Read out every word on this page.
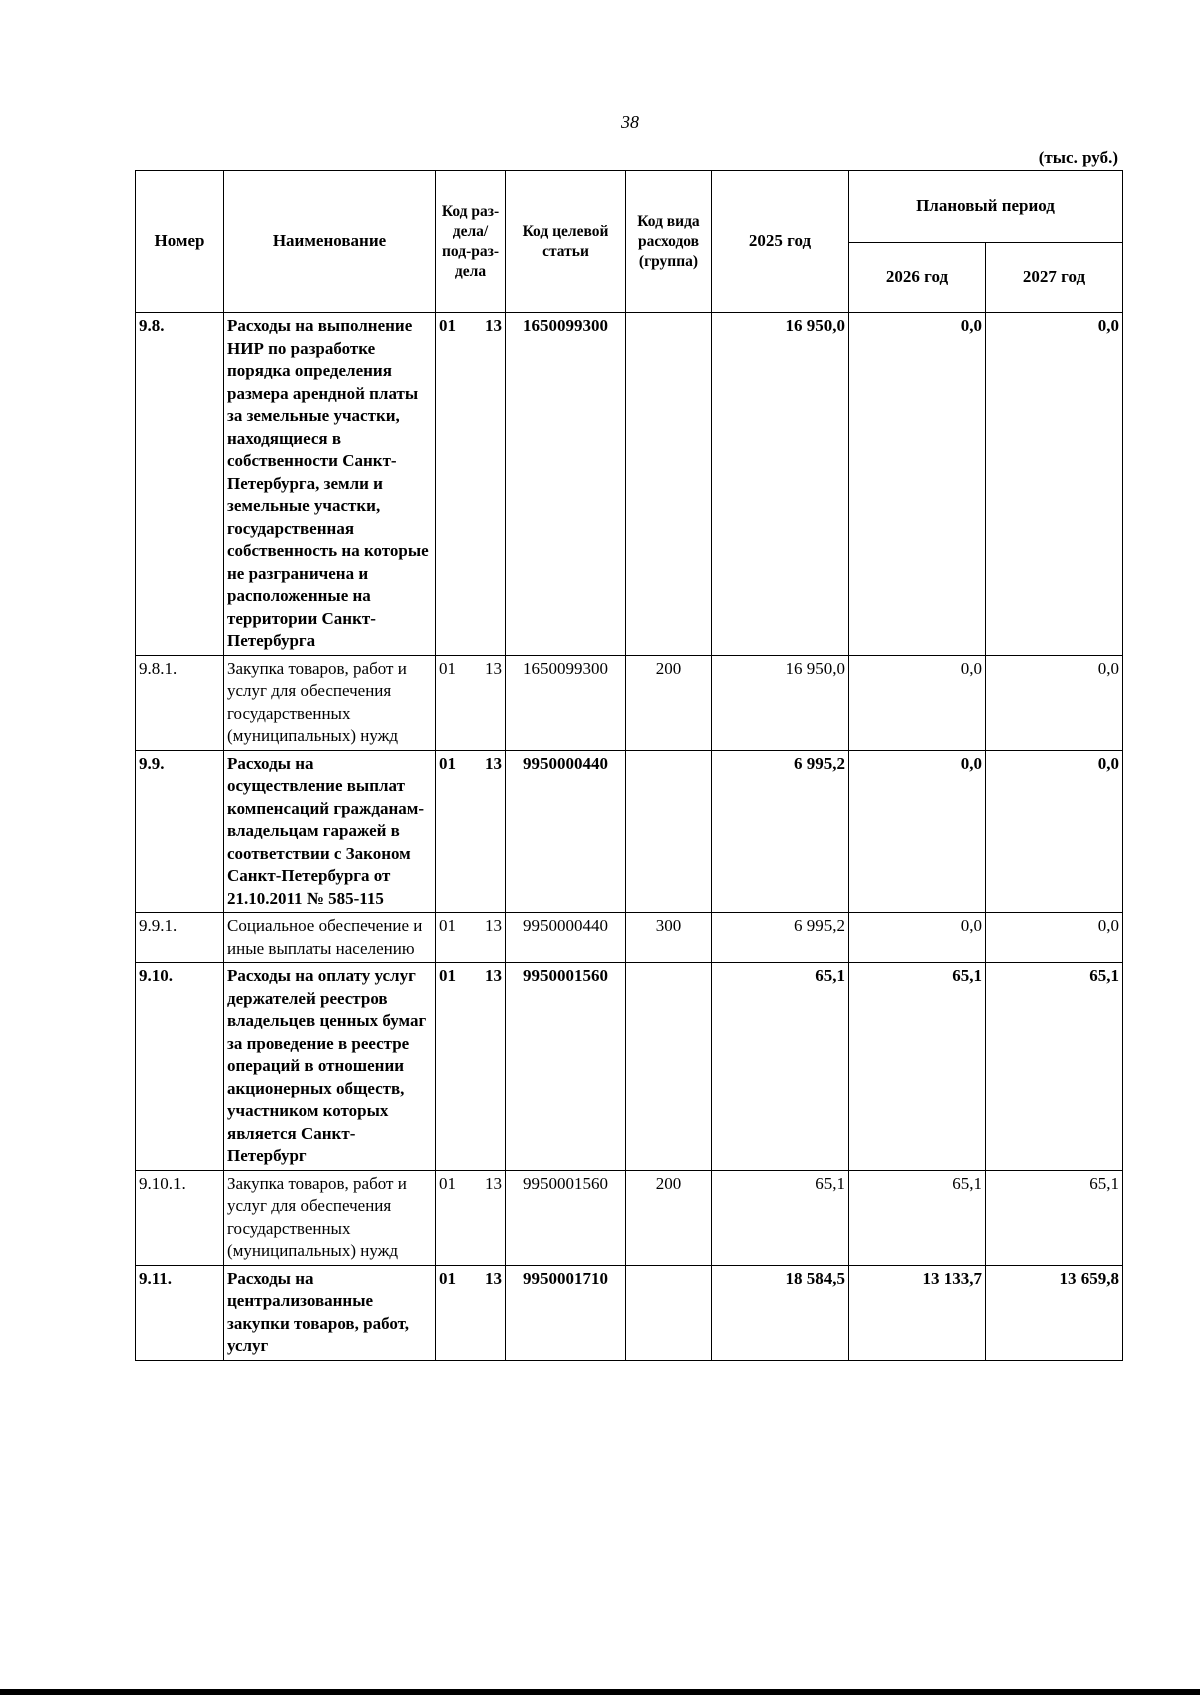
38
(тыс. руб.)
Номер	Наименование	Код раз-дела/ под-раз-дела	Код целевой статьи	Код вида расходов (группа)	2025 год	Плановый период	
						2026 год	2027 год
9.8.	Расходы на выполнение НИР по разработке порядка определения размера арендной платы за земельные участки, находящиеся в собственности Санкт-Петербурга, земли и земельные участки, государственная собственность на которые не разграничена и расположенные на территории Санкт-Петербурга	01 13	1650099300		16 950,0	0,0	0,0
9.8.1.	Закупка товаров, работ и услуг для обеспечения государственных (муниципальных) нужд	01 13	1650099300	200	16 950,0	0,0	0,0
9.9.	Расходы на осуществление выплат компенсаций гражданам-владельцам гаражей в соответствии с Законом Санкт-Петербурга от 21.10.2011 № 585-115	01 13	9950000440		6 995,2	0,0	0,0
9.9.1.	Социальное обеспечение и иные выплаты населению	01 13	9950000440	300	6 995,2	0,0	0,0
9.10.	Расходы на оплату услуг держателей реестров владельцев ценных бумаг за проведение в реестре операций в отношении акционерных обществ, участником которых является Санкт-Петербург	01 13	9950001560		65,1	65,1	65,1
9.10.1.	Закупка товаров, работ и услуг для обеспечения государственных (муниципальных) нужд	01 13	9950001560	200	65,1	65,1	65,1
9.11.	Расходы на централизованные закупки товаров, работ, услуг	01 13	9950001710		18 584,5	13 133,7	13 659,8
